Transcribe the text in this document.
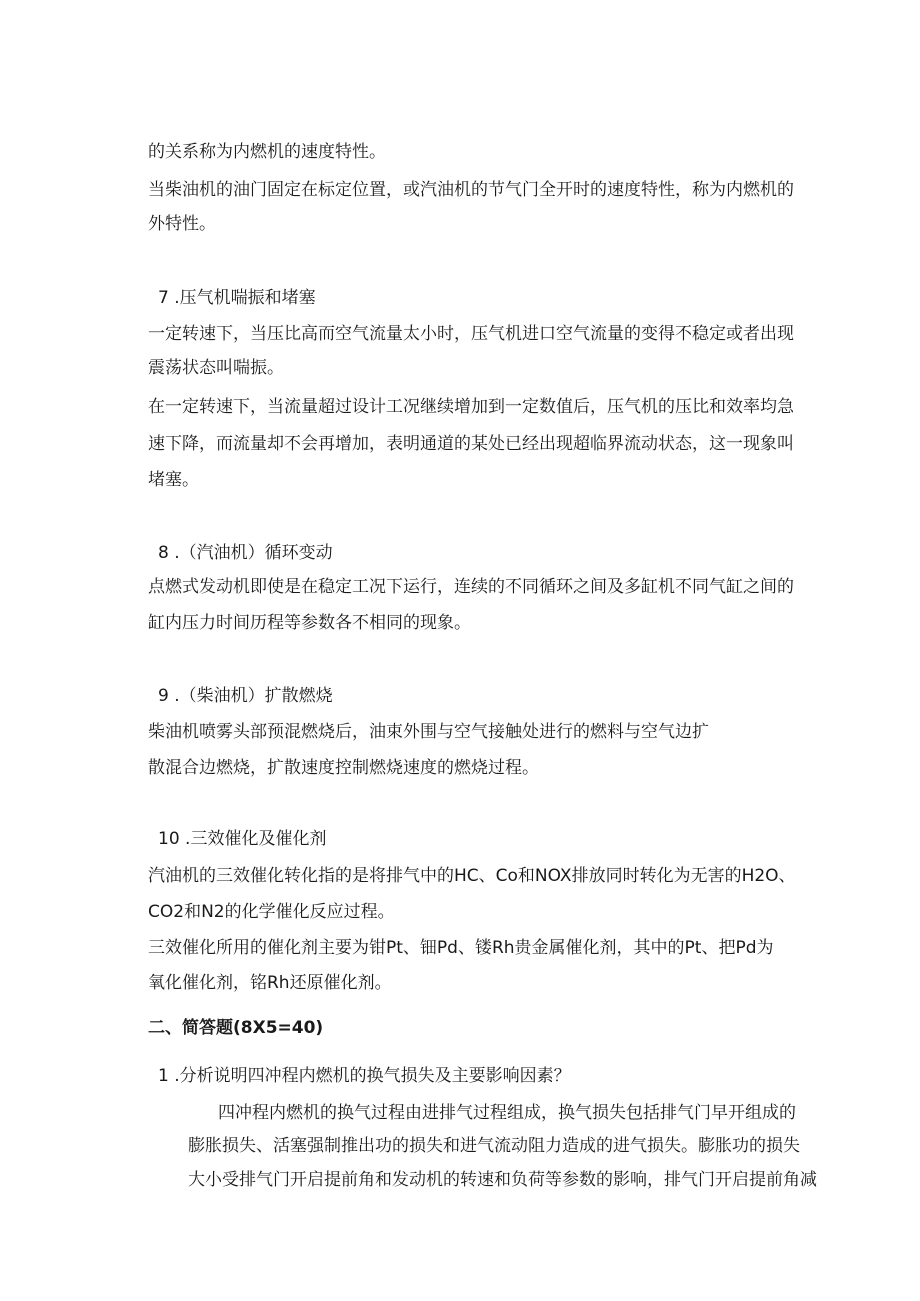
的关系称为内燃机的速度特性。
当柴油机的油门固定在标定位置，或汽油机的节气门全开时的速度特性，称为内燃机的
外特性。
7 .压气机喘振和堵塞
一定转速下，当压比高而空气流量太小时，压气机进口空气流量的变得不稳定或者出现
震荡状态叫喘振。
在一定转速下，当流量超过设计工况继续增加到一定数值后，压气机的压比和效率均急
速下降，而流量却不会再增加，表明通道的某处已经出现超临界流动状态，这一现象叫
堵塞。
8 .（汽油机）循环变动
点燃式发动机即使是在稳定工况下运行，连续的不同循环之间及多缸机不同气缸之间的
缸内压力时间历程等参数各不相同的现象。
9 .（柴油机）扩散燃烧
柴油机喷雾头部预混燃烧后，油束外围与空气接触处进行的燃料与空气边扩
散混合边燃烧，扩散速度控制燃烧速度的燃烧过程。
10 .三效催化及催化剂
汽油机的三效催化转化指的是将排气中的HC、Co和NOX排放同时转化为无害的H2O、
CO2和N2的化学催化反应过程。
三效催化所用的催化剂主要为钳Pt、钿Pd、镂Rh贵金属催化剂，其中的Pt、把Pd为
氧化催化剂，铭Rh还原催化剂。
二、简答题(8X5=40)
1 .分析说明四冲程内燃机的换气损失及主要影响因素？
四冲程内燃机的换气过程由进排气过程组成，换气损失包括排气门早开组成的
膨胀损失、活塞强制推出功的损失和进气流动阻力造成的进气损失。膨胀功的损失
大小受排气门开启提前角和发动机的转速和负荷等参数的影响，排气门开启提前角减
